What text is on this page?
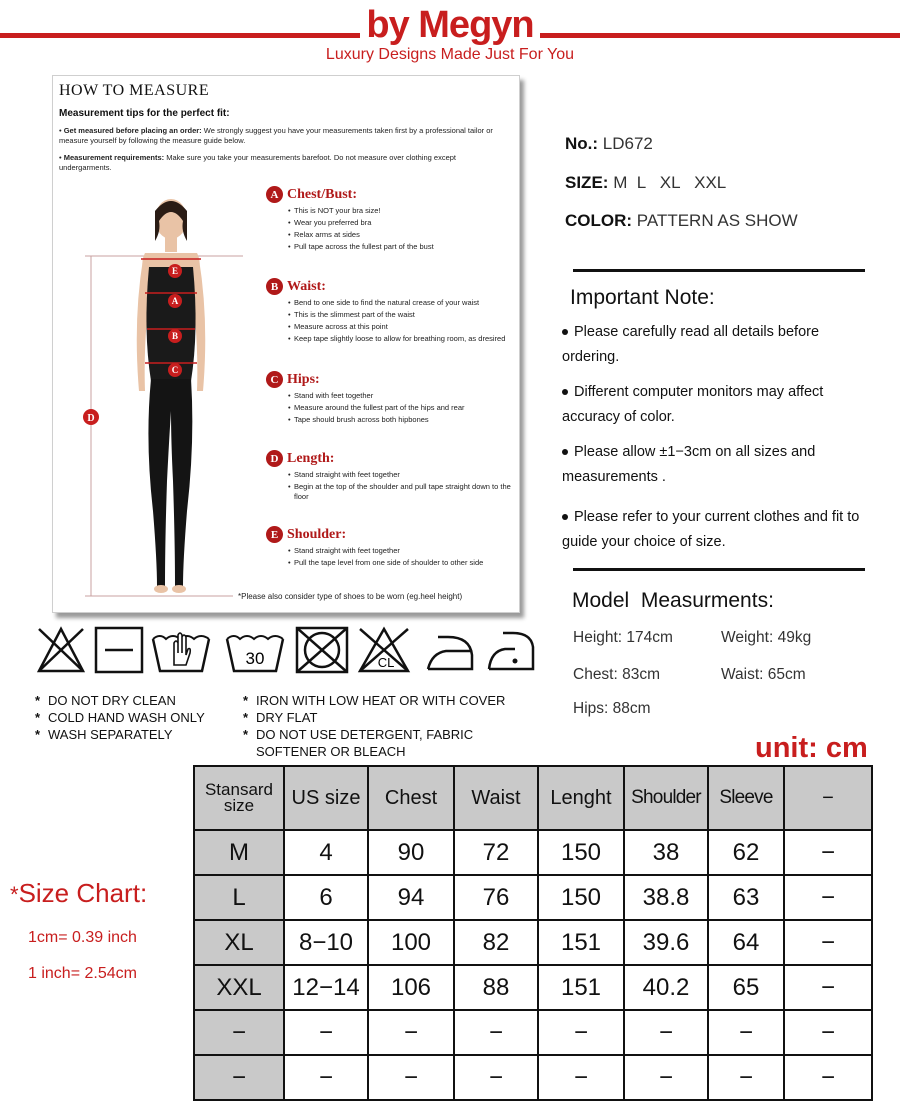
by Megyn
Luxury Designs Made Just For You
HOW TO MEASURE
Measurement tips for the perfect fit:
• Get measured before placing an order: We strongly suggest you have your measurements taken first by a professional tailor or measure yourself by following the measure guide below.
• Measurement requirements: Make sure you take your measurements barefoot. Do not measure over clothing except undergarments.
E
A
B
C
D
A Chest/Bust:
• This is NOT your bra size!
• Wear you preferred bra
• Relax arms at sides
• Pull tape across the fullest part of the bust
B Waist:
• Bend to one side to find the natural crease of your waist
• This is the slimmest part of the waist
• Measure across at this point
• Keep tape slightly loose to allow for breathing room, as dresired
C Hips:
• Stand with feet together
• Measure around the fullest part of the hips and rear
• Tape should brush across both hipbones
D Length:
• Stand straight with feet together
• Begin at the top of the shoulder and pull tape straight down to the floor
E Shoulder:
• Stand straight with feet together
• Pull the tape level from one side of shoulder to other side
*Please also consider type of shoes to be worn (eg.heel height)
No.: LD672
SIZE: M  L   XL   XXL
COLOR: PATTERN AS SHOW
Important Note:
Please carefully read all details before ordering.
Different computer monitors may affect accuracy of color.
Please allow ±1−3cm on all sizes and measurements .
Please refer to your current clothes and fit to guide your choice of size.
Model  Measurments:
Height: 174cm	Weight: 49kg
Chest: 83cm	Waist: 65cm
Hips: 88cm
30	CL
* DO NOT DRY CLEAN
* COLD HAND WASH ONLY
* WASH SEPARATELY
* IRON WITH LOW HEAT OR WITH COVER
* DRY FLAT
* DO NOT USE DETERGENT, FABRIC
SOFTENER OR BLEACH	unit: cm
*Size Chart:
1cm= 0.39 inch
1 inch= 2.54cm
Stansard
size	US size	Chest	Waist	Lenght	Shoulder	Sleeve	−
M	4	90	72	150	38	62	−
L	6	94	76	150	38.8	63	−
XL	8−10	100	82	151	39.6	64	−
XXL	12−14	106	88	151	40.2	65	−
−	−	−	−	−	−	−	−
−	−	−	−	−	−	−	−
